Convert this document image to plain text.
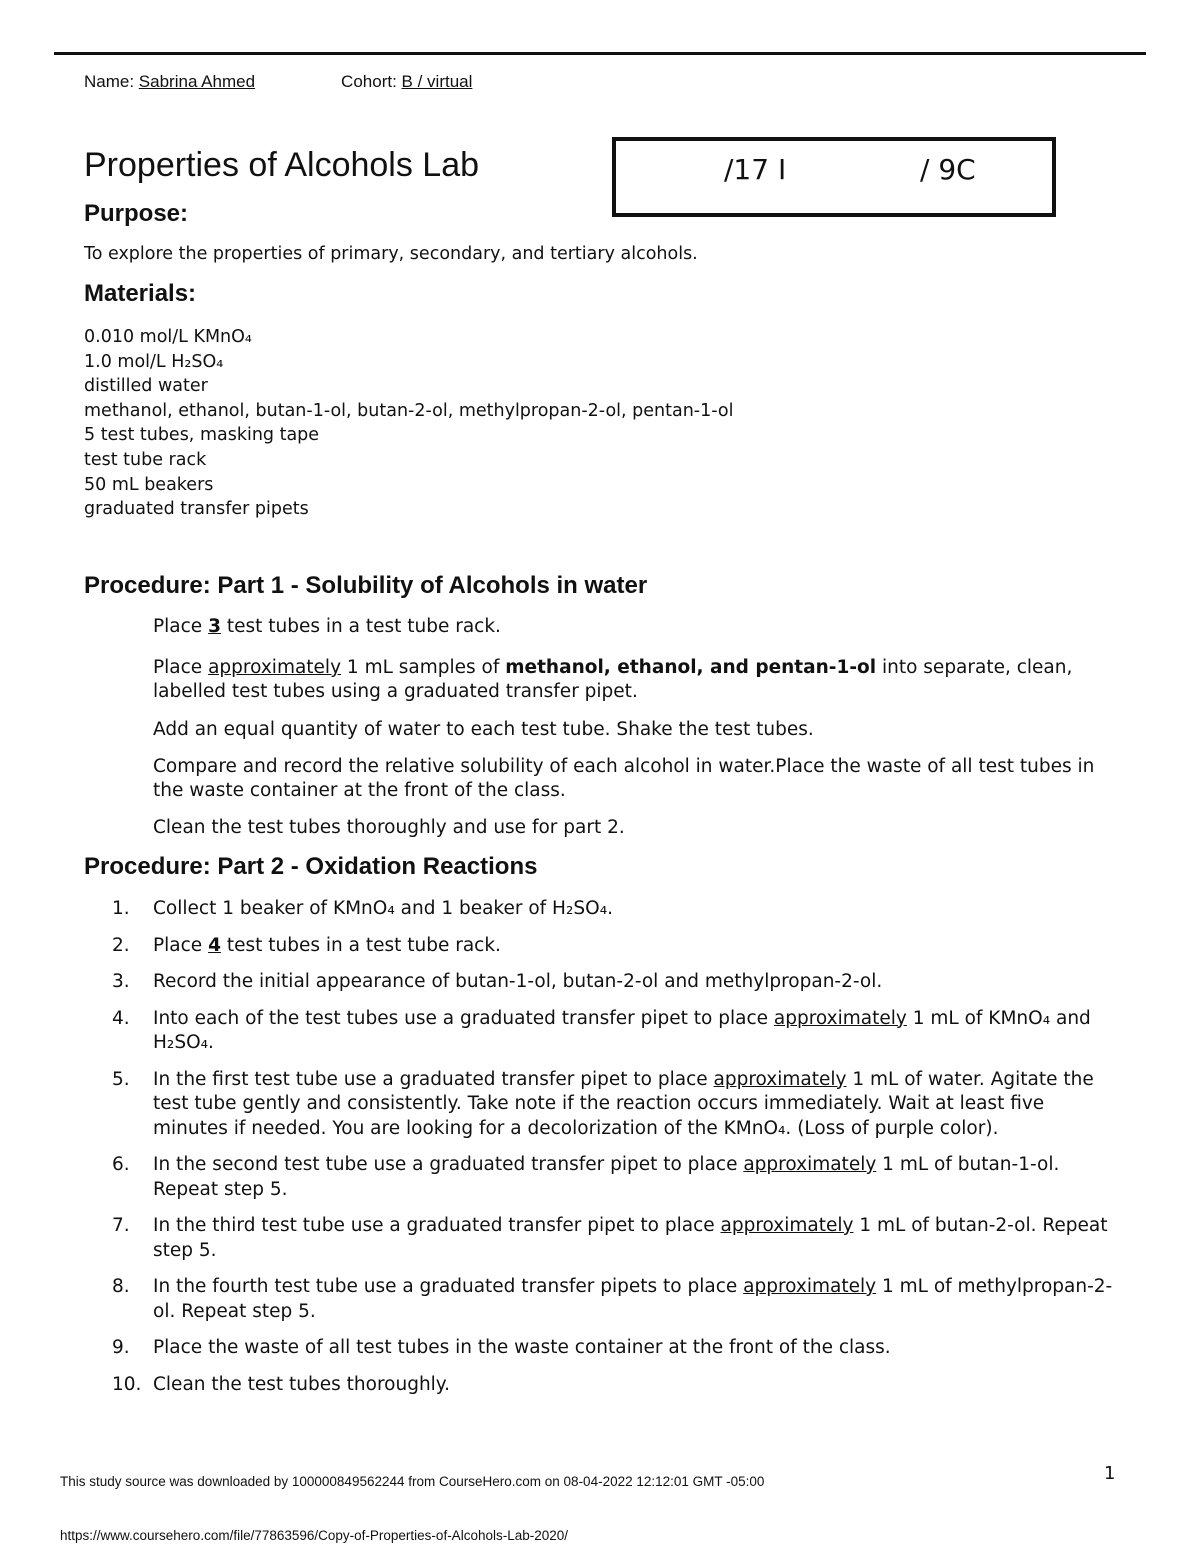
Name: Sabrina Ahmed	Cohort: B / virtual
Properties of Alcohols Lab	/17 I	/ 9C
Purpose:
To explore the properties of primary, secondary, and tertiary alcohols.
Materials:
0.010 mol/L KMnO₄
1.0 mol/L H₂SO₄
distilled water
methanol, ethanol, butan-1-ol, butan-2-ol, methylpropan-2-ol, pentan-1-ol
5 test tubes, masking tape
test tube rack
50 mL beakers
graduated transfer pipets
Procedure: Part 1 - Solubility of Alcohols in water

Place 3 test tubes in a test tube rack.

Place approximately 1 mL samples of methanol, ethanol, and pentan-1-ol into separate, clean, labelled test tubes using a graduated transfer pipet.

Add an equal quantity of water to each test tube. Shake the test tubes.

Compare and record the relative solubility of each alcohol in water.Place the waste of all test tubes in the waste container at the front of the class.

Clean the test tubes thoroughly and use for part 2.

Procedure: Part 2 - Oxidation Reactions
1.	Collect 1 beaker of KMnO₄ and 1 beaker of H₂SO₄.
2.	Place 4 test tubes in a test tube rack.
3.	Record the initial appearance of butan-1-ol, butan-2-ol and methylpropan-2-ol.
4.	Into each of the test tubes use a graduated transfer pipet to place approximately 1 mL of KMnO₄ and H₂SO₄.
5.	In the first test tube use a graduated transfer pipet to place approximately 1 mL of water. Agitate the test tube gently and consistently. Take note if the reaction occurs immediately. Wait at least five minutes if needed. You are looking for a decolorization of the KMnO₄. (Loss of purple color).
6.	In the second test tube use a graduated transfer pipet to place approximately 1 mL of butan-1-ol. Repeat step 5.
7.	In the third test tube use a graduated transfer pipet to place approximately 1 mL of butan-2-ol. Repeat step 5.
8.	In the fourth test tube use a graduated transfer pipets to place approximately 1 mL of methylpropan-2-ol. Repeat step 5.
9.	Place the waste of all test tubes in the waste container at the front of the class.
10. Clean the test tubes thoroughly.
1
This study source was downloaded by 100000849562244 from CourseHero.com on 08-04-2022 12:12:01 GMT -05:00
https://www.coursehero.com/file/77863596/Copy-of-Properties-of-Alcohols-Lab-2020/
